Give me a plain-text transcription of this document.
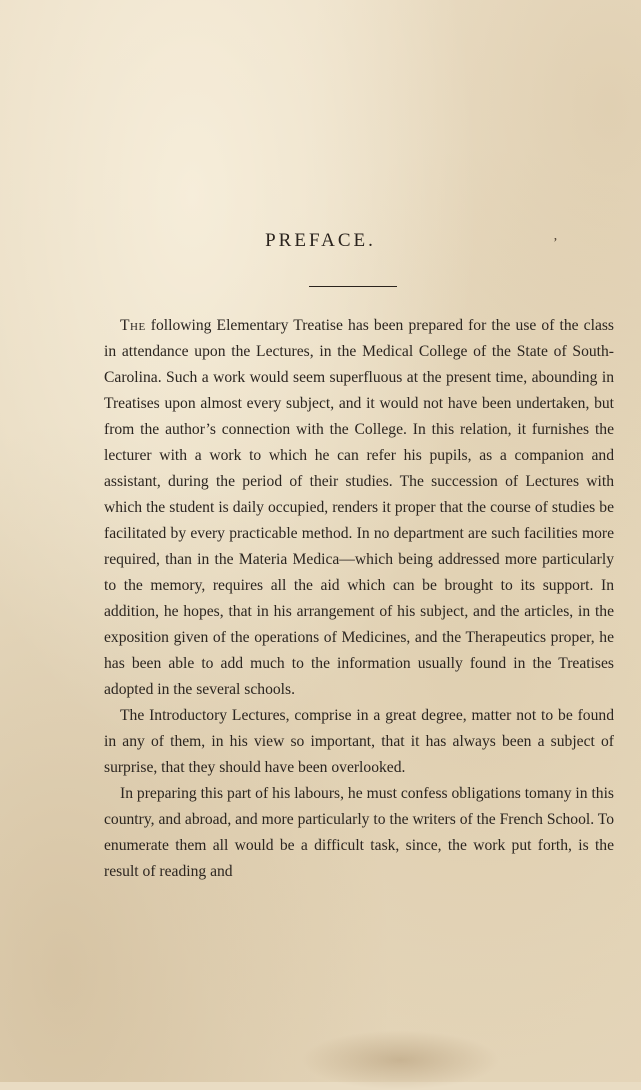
PREFACE.	’

The following Elementary Treatise has been prepared for the use of the class in attendance upon the Lectures, in the Medical College of the State of South-Carolina. Such a work would seem superfluous at the present time, abounding in Treatises upon almost every subject, and it would not have been undertaken, but from the author’s connection with the College. In this relation, it furnishes the lecturer with a work to which he can refer his pupils, as a companion and assistant, during the period of their studies. The succession of Lectures with which the student is daily occupied, renders it proper that the course of studies be facilitated by every practicable method. In no department are such facilities more required, than in the Materia Medica—which being addressed more particularly to the memory, requires all the aid which can be brought to its support. In addition, he hopes, that in his arrangement of his subject, and the articles, in the exposition given of the operations of Medicines, and the Therapeutics proper, he has been able to add much to the information usually found in the Treatises adopted in the several schools.

The Introductory Lectures, comprise in a great degree, matter not to be found in any of them, in his view so important, that it has always been a subject of surprise, that they should have been overlooked.

In preparing this part of his labours, he must confess obligations tomany in this country, and abroad, and more particularly to the writers of the French School. To enumerate them all would be a difficult task, since, the work put forth, is the result of reading and
